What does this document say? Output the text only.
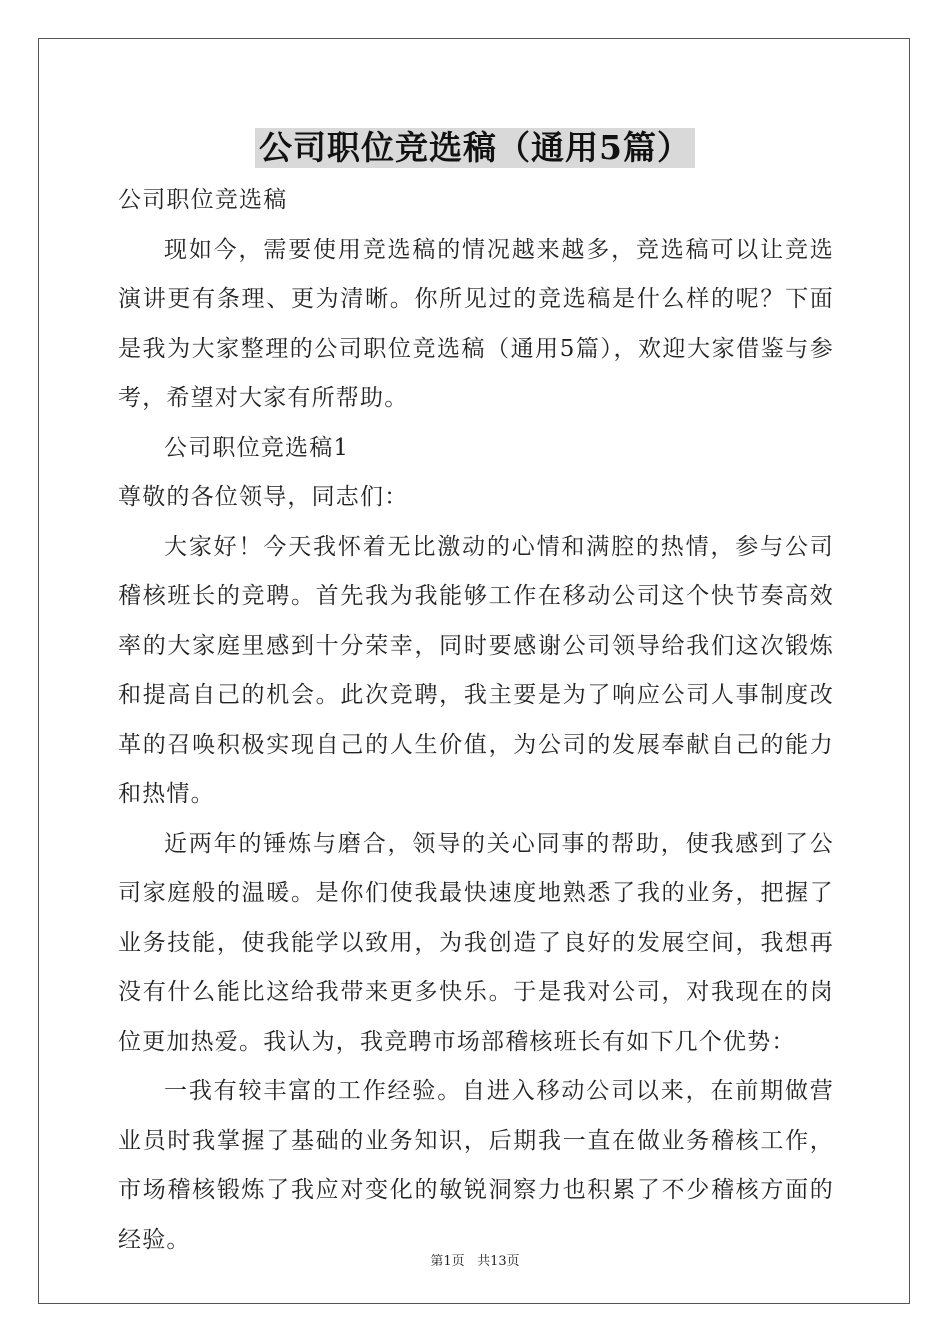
公司职位竞选稿（通用5篇）

公司职位竞选稿

现如今，需要使用竞选稿的情况越来越多，竞选稿可以让竞选演讲更有条理、更为清晰。你所见过的竞选稿是什么样的呢？下面是我为大家整理的公司职位竞选稿（通用5篇），欢迎大家借鉴与参考，希望对大家有所帮助。

公司职位竞选稿1

尊敬的各位领导，同志们：

大家好！今天我怀着无比激动的心情和满腔的热情，参与公司稽核班长的竞聘。首先我为我能够工作在移动公司这个快节奏高效率的大家庭里感到十分荣幸，同时要感谢公司领导给我们这次锻炼和提高自己的机会。此次竞聘，我主要是为了响应公司人事制度改革的召唤积极实现自己的人生价值，为公司的发展奉献自己的能力和热情。

近两年的锤炼与磨合，领导的关心同事的帮助，使我感到了公司家庭般的温暖。是你们使我最快速度地熟悉了我的业务，把握了业务技能，使我能学以致用，为我创造了良好的发展空间，我想再没有什么能比这给我带来更多快乐。于是我对公司，对我现在的岗位更加热爱。我认为，我竞聘市场部稽核班长有如下几个优势：

一我有较丰富的工作经验。自进入移动公司以来，在前期做营业员时我掌握了基础的业务知识，后期我一直在做业务稽核工作，市场稽核锻炼了我应对变化的敏锐洞察力也积累了不少稽核方面的经验。

第1页 共13页
